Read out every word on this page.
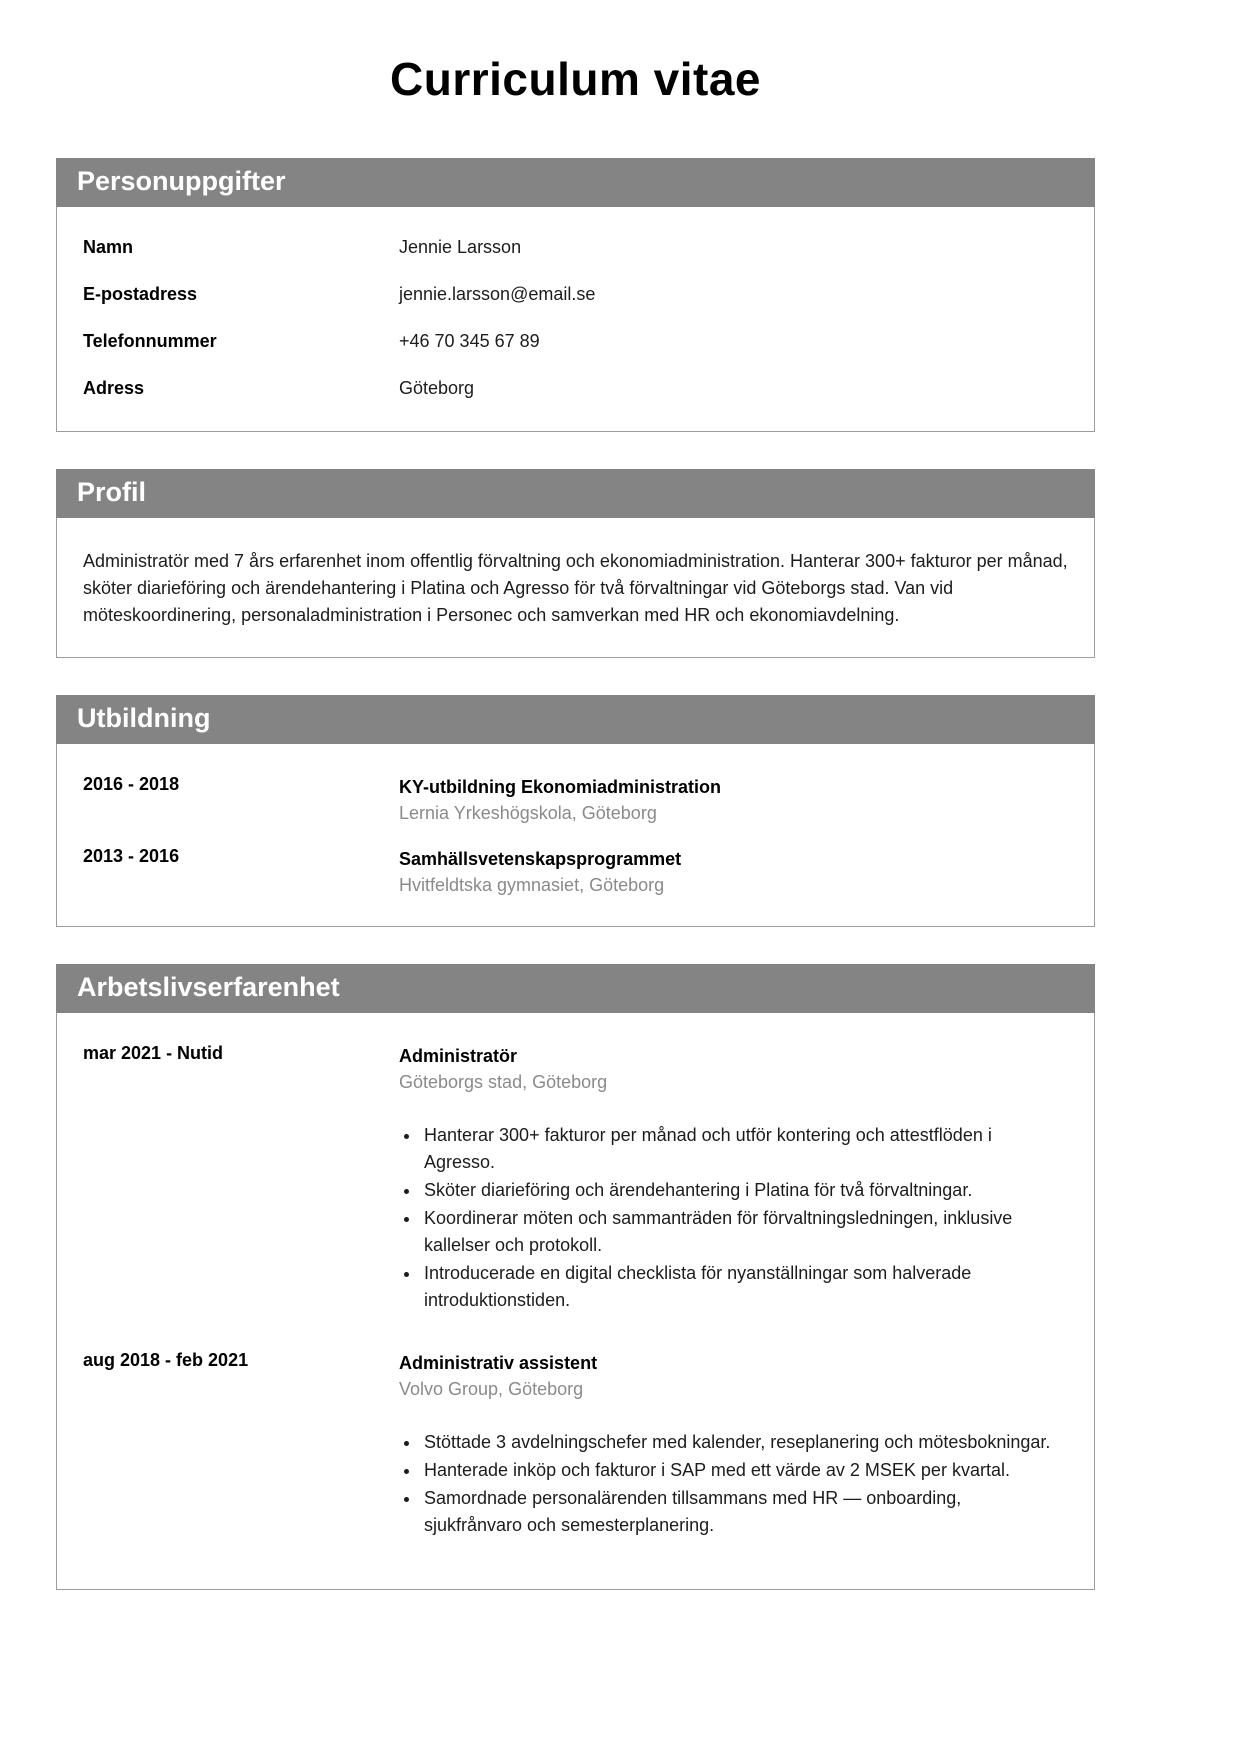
Curriculum vitae
Personuppgifter
Namn	Jennie Larsson
E-postadress	jennie.larsson@email.se
Telefonnummer	+46 70 345 67 89
Adress	Göteborg
Profil

Administratör med 7 års erfarenhet inom offentlig förvaltning och ekonomiadministration. Hanterar 300+ fakturor per månad, sköter diarieföring och ärendehantering i Platina och Agresso för två förvaltningar vid Göteborgs stad. Van vid möteskoordinering, personaladministration i Personec och samverkan med HR och ekonomiavdelning.

Utbildning
2016 - 2018	KY-utbildning Ekonomiadministration
Lernia Yrkeshögskola, Göteborg
2013 - 2016	Samhällsvetenskapsprogrammet
Hvitfeldtska gymnasiet, Göteborg
Arbetslivserfarenhet
mar 2021 - Nutid	Administratör
Göteborgs stad, Göteborg
• Hanterar 300+ fakturor per månad och utför kontering och attestflöden i Agresso.
• Sköter diarieföring och ärendehantering i Platina för två förvaltningar.
• Koordinerar möten och sammanträden för förvaltningsledningen, inklusive kallelser och protokoll.
• Introducerade en digital checklista för nyanställningar som halverade introduktionstiden.
aug 2018 - feb 2021	Administrativ assistent
Volvo Group, Göteborg
• Stöttade 3 avdelningschefer med kalender, reseplanering och mötesbokningar.
• Hanterade inköp och fakturor i SAP med ett värde av 2 MSEK per kvartal.
• Samordnade personalärenden tillsammans med HR — onboarding, sjukfrånvaro och semesterplanering.
